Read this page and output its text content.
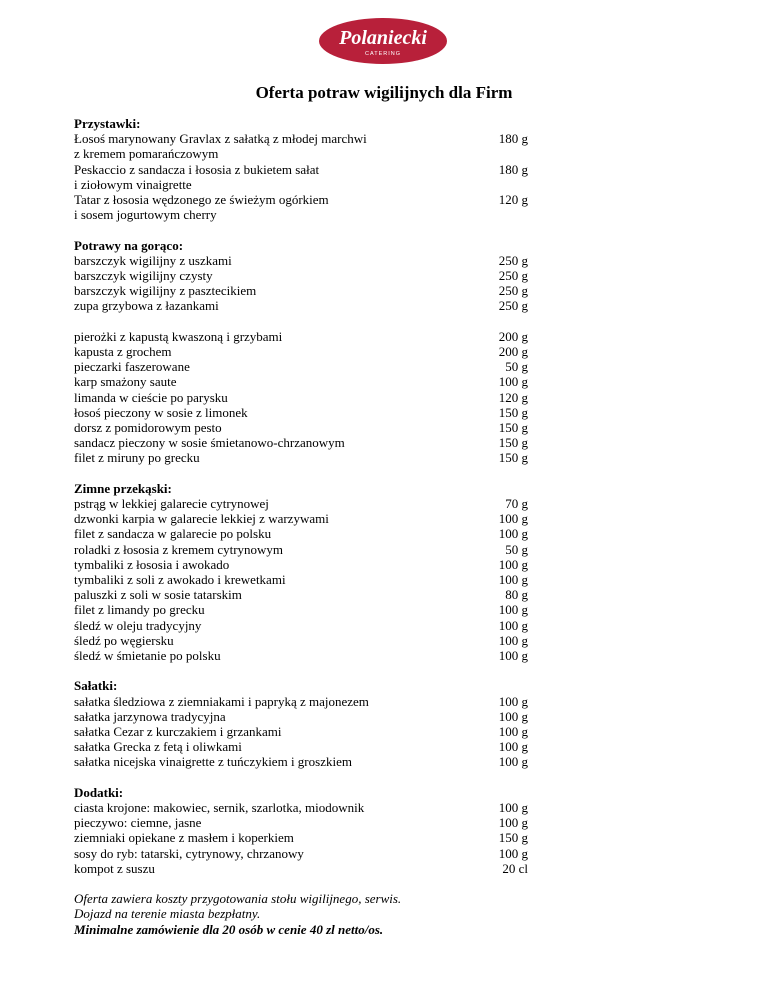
Polaniecki
CATERING
Oferta potraw wigilijnych dla Firm
Przystawki:
Łosoś marynowany Gravlax z sałatką z młodej marchwi	180 g
z kremem pomarańczowym
Peskaccio z sandacza i łososia z bukietem sałat	180 g
i ziołowym vinaigrette
Tatar z łososia wędzonego ze świeżym ogórkiem	120 g
i sosem jogurtowym cherry
Potrawy na gorąco:
barszczyk wigilijny z uszkami	250 g
barszczyk wigilijny czysty	250 g
barszczyk wigilijny z pasztecikiem	250 g
zupa grzybowa z łazankami	250 g
pierożki z kapustą kwaszoną i grzybami	200 g
kapusta z grochem	200 g
pieczarki faszerowane	50 g
karp smażony saute	100 g
limanda w cieście po parysku	120 g
łosoś pieczony w sosie z limonek	150 g
dorsz z pomidorowym pesto	150 g
sandacz pieczony w sosie śmietanowo-chrzanowym	150 g
filet z miruny po grecku	150 g
Zimne przekąski:
pstrąg w lekkiej galarecie cytrynowej	70 g
dzwonki karpia w galarecie lekkiej z warzywami	100 g
filet z sandacza w galarecie po polsku	100 g
roladki z łososia z kremem cytrynowym	50 g
tymbaliki z łososia i awokado	100 g
tymbaliki z soli z awokado i krewetkami	100 g
paluszki z soli w sosie tatarskim	80 g
filet z limandy po grecku	100 g
śledź w oleju tradycyjny	100 g
śledź po węgiersku	100 g
śledź w śmietanie po polsku	100 g
Sałatki:
sałatka śledziowa z ziemniakami i papryką z majonezem	100 g
sałatka jarzynowa tradycyjna	100 g
sałatka Cezar z kurczakiem i grzankami	100 g
sałatka Grecka z fetą i oliwkami	100 g
sałatka nicejska vinaigrette z tuńczykiem i groszkiem	100 g
Dodatki:
ciasta krojone: makowiec, sernik, szarlotka, miodownik	100 g
pieczywo: ciemne, jasne	100 g
ziemniaki opiekane z masłem i koperkiem	150 g
sosy do ryb: tatarski, cytrynowy, chrzanowy	100 g
kompot z suszu	20 cl
Oferta zawiera koszty przygotowania stołu wigilijnego, serwis.
Dojazd na terenie miasta bezpłatny.
Minimalne zamówienie dla 20 osób w cenie 40 zl netto/os.
